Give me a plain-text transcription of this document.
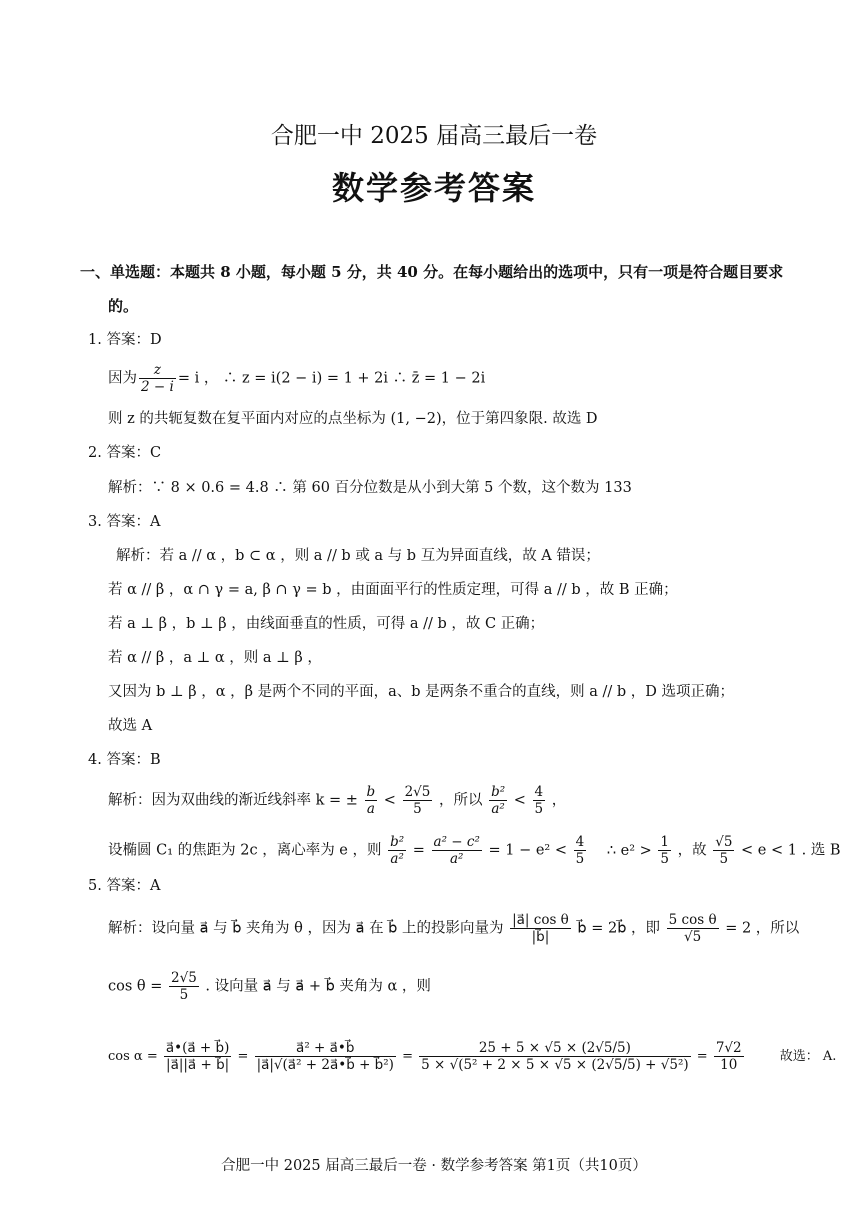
合肥一中 2025 届高三最后一卷
数学参考答案
一、单选题：本题共 8 小题，每小题 5 分，共 40 分。在每小题给出的选项中，只有一项是符合题目要求
的。
1. 答案：D
因为 $\frac{z}{2 - i} = i$ ， ∴ z = i(2 − i) = 1 + 2i ∴ z̄ = 1 − 2i
则 z 的共轭复数在复平面内对应的点坐标为 (1, −2)，位于第四象限. 故选 D
2. 答案：C
解析：∵ 8 × 0.6 = 4.8 ∴ 第 60 百分位数是从小到大第 5 个数，这个数为 133
3. 答案：A
解析：若 a // α ，b ⊂ α ，则 a // b 或 a 与 b 互为异面直线，故 A 错误；
若 α // β ，α ∩ γ = a, β ∩ γ = b ，由面面平行的性质定理，可得 a // b ，故 B 正确；
若 a ⊥ β ，b ⊥ β ，由线面垂直的性质，可得 a // b ，故 C 正确；
若 α // β ，a ⊥ α ，则 a ⊥ β ，
又因为 b ⊥ β ，α ，β 是两个不同的平面，a、b 是两条不重合的直线，则 a // b ，D 选项正确；
故选 A
4. 答案：B
解析：因为双曲线的渐近线斜率 k = ± $\frac{b}{a} < \frac{2√5}{5}$ ，所以 $\frac{\text{b²}}{\text{a²}} < \frac{4}{5}$ ，
设椭圆 C₁ 的焦距为 2c ，离心率为 e ，则 $\frac{\text{b²}}{\text{a²}} = \frac{\text{a² − c²}}{\text{a²}} = 1 - e^2 < \frac{4}{5}$ ∴ $e^2 > \frac{1}{5}$ ，故 $\frac{√5}{5} < e < 1$ . 选 B
5. 答案：A
解析：设向量 a⃗ 与 b⃗ 夹角为 θ ，因为 a⃗ 在 b⃗ 上的投影向量为 $\frac{\text{|a⃗| cos θ}}{|b⃗|}$ b⃗ = 2b⃗ ，即 $\frac{\text{5 cos θ}}{√5} = 2$ ，所以
$\cos \theta = \frac{2√5}{5}$ . 设向量 a⃗ 与 a⃗ + b⃗ 夹角为 α ，则
$\cos \alpha = \frac{a⃗•(a⃗ + b⃗)}{|a⃗||a⃗ + b⃗|} = \frac{\text{a⃗² + a⃗•b⃗}}{\text{|a⃗|√(a⃗² + 2a⃗•b⃗ + b⃗²)}} = \frac{25 + 5 \times √5 \times (2√5/5)}{\text{5 × √(5² + 2 × 5 × √5 × (2√5/5) + √5²)}} = \frac{7√2}{10}$	故选： A.
合肥一中 2025 届高三最后一卷 · 数学参考答案 第1页（共10页）
